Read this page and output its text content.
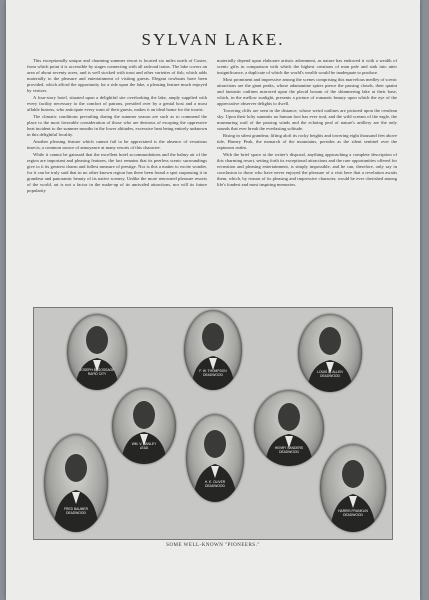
SYLVAN LAKE.

This exceptionally unique and charming summer resort is located six miles north of Custer, from which point it is accessible by stages connecting with all railroad trains. The lake covers an area of about seventy acres, and is well stocked with trout and other varieties of fish, which adds materially to the pleasure and entertainment of visiting guests. Elegant rowboats have been provided, which afford the opportunity for a ride upon the lake, a pleasing feature much enjoyed by visitors.

A four-story hotel, situated upon a delightful site overlooking the lake, amply supplied with every facility necessary to the comfort of patrons, presided over by a genial host and a most affable hostess, who anticipate every want of their guests, makes it an ideal home for the tourist.

The climatic conditions prevailing during the summer season are such as to commend the place to the most favorable consideration of those who are desirous of escaping the oppressive heat incident to the summer months in the lower altitudes, excessive heat being entirely unknown in this delightful locality.

Another pleasing feature which cannot fail to be appreciated is the absence of vexatious insects, a common source of annoyance at many resorts of this character.

While it cannot be gainsaid that the excellent hotel accommodations and the balmy air of the region are important and pleasing features, the fact remains that its peerless scenic surroundings give to it its greatest charm and fullest measure of prestige. Nor is this a matter to excite wonder, for it can be truly said that in no other known region has there been found a spot surpassing it in grandeur and panoramic beauty of its native scenery. Unlike the more renowned pleasure resorts of the world, art is not a factor in the make-up of its unrivaled attractions, nor will its future popularity

materially depend upon elaborate artistic adornment, as nature has endowed it with a wealth of scenic gifts in comparison with which the highest creations of man pale and sink into utter insignificance, a duplicate of which the world's wealth would be inadequate to produce.

Most prominent and impressive among the scenes comprising this marvelous medley of scenic attractions are the giant peaks, whose adamantine spires pierce the passing clouds, their quaint and fantastic outlines mirrored upon the placid bosom of the shimmering lake at their base, which, in the mellow sunlight, presents a picture of romantic beauty upon which the eye of the appreciative observer delights to dwell.

Towering cliffs are seen in the distance, whose weird outlines are pictured upon the cerulean sky. Upon their lofty summits no human foot has ever trod, and the wild scream of the eagle, the murmuring wail of the passing winds and the echoing peal of nature's artillery are the only sounds that ever break the everlasting solitude.

Rising in silent grandeur, lifting aloft its rocky heights and towering eight thousand feet above tide, Harney Peak, the monarch of the mountains, presides as the silent sentinel over the rapturous realm.

With the brief space at the writer's disposal, anything approaching a complete description of this charming resort, setting forth its exceptional attractions and the rare opportunities offered for recreation and pleasing entertainment, is simply impossible, and he can, therefore, only say in conclusion to those who have never enjoyed the pleasure of a visit here that a revelation awaits them, which, by reason of its pleasing and impressive character, would be ever cherished among life's fondest and most inspiring memories.

JOSEPH B. GOSSAGE
RAPID CITY
F. W. THOMPSON
DEADWOOD
LOUIS G. ALLEN
DEADWOOD
WM. V. HANLEY
LEAD
H. E. OLIVER
DEADWOOD
HENRY SANDERS
DEADWOOD
FRED BAUMER
DEADWOOD	HARRIS FRANKLIN
DEADWOOD
SOME WELL-KNOWN "PIONEERS."
